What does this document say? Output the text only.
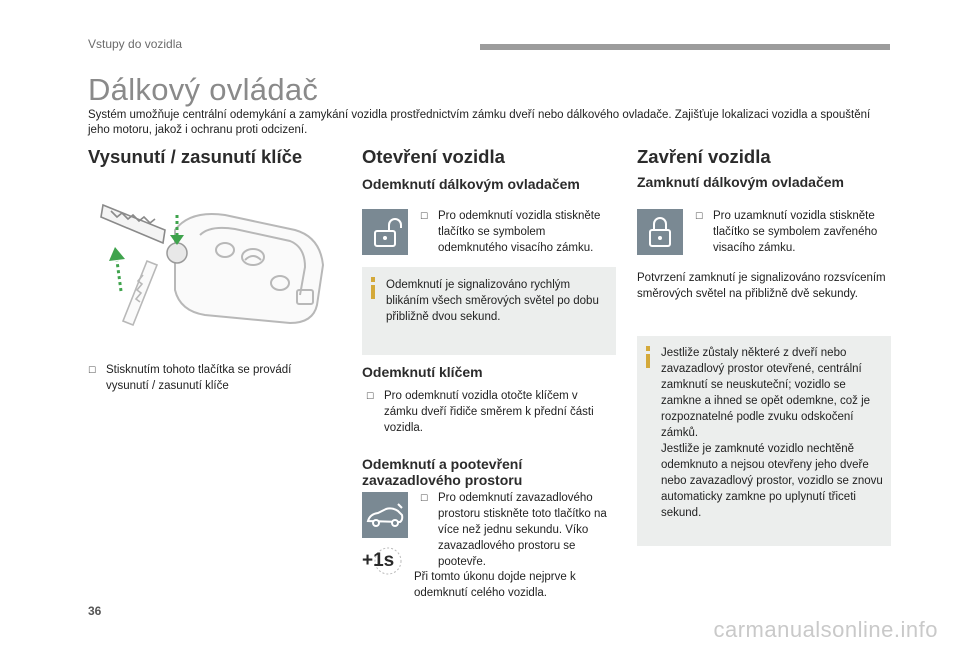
Vstupy do vozidla
Dálkový ovládač
Systém umožňuje centrální odemykání a zamykání vozidla prostřednictvím zámku dveří nebo dálkového ovladače. Zajišťuje lokalizaci vozidla a spouštění jeho motoru, jakož i ochranu proti odcizení.
Vysunutí / zasunutí klíče
☐ Stisknutím tohoto tlačítka se provádí vysunutí / zasunutí klíče
Otevření vozidla
Odemknutí dálkovým ovladačem
☐ Pro odemknutí vozidla stiskněte tlačítko se symbolem odemknutého visacího zámku.
Odemknutí je signalizováno rychlým blikáním všech směrových světel po dobu přibližně dvou sekund.
Odemknutí klíčem
☐ Pro odemknutí vozidla otočte klíčem v zámku dveří řidiče směrem k přední části vozidla.
Odemknutí a pootevření zavazadlového prostoru
+1s
☐ Pro odemknutí zavazadlového prostoru stiskněte toto tlačítko na více než jednu sekundu. Víko zavazadlového prostoru se pootevře.
Při tomto úkonu dojde nejprve k odemknutí celého vozidla.
Zavření vozidla
Zamknutí dálkovým ovladačem
☐ Pro uzamknutí vozidla stiskněte tlačítko se symbolem zavřeného visacího zámku.
Potvrzení zamknutí je signalizováno rozsvícením směrových světel na přibližně dvě sekundy.
Jestliže zůstaly některé z dveří nebo zavazadlový prostor otevřené, centrální zamknutí se neuskuteční; vozidlo se zamkne a ihned se opět odemkne, což je rozpoznatelné podle zvuku odskočení zámků.
Jestliže je zamknuté vozidlo nechtěně odemknuto a nejsou otevřeny jeho dveře nebo zavazadlový prostor, vozidlo se znovu automaticky zamkne po uplynutí třiceti sekund.
36
carmanualsonline.info
